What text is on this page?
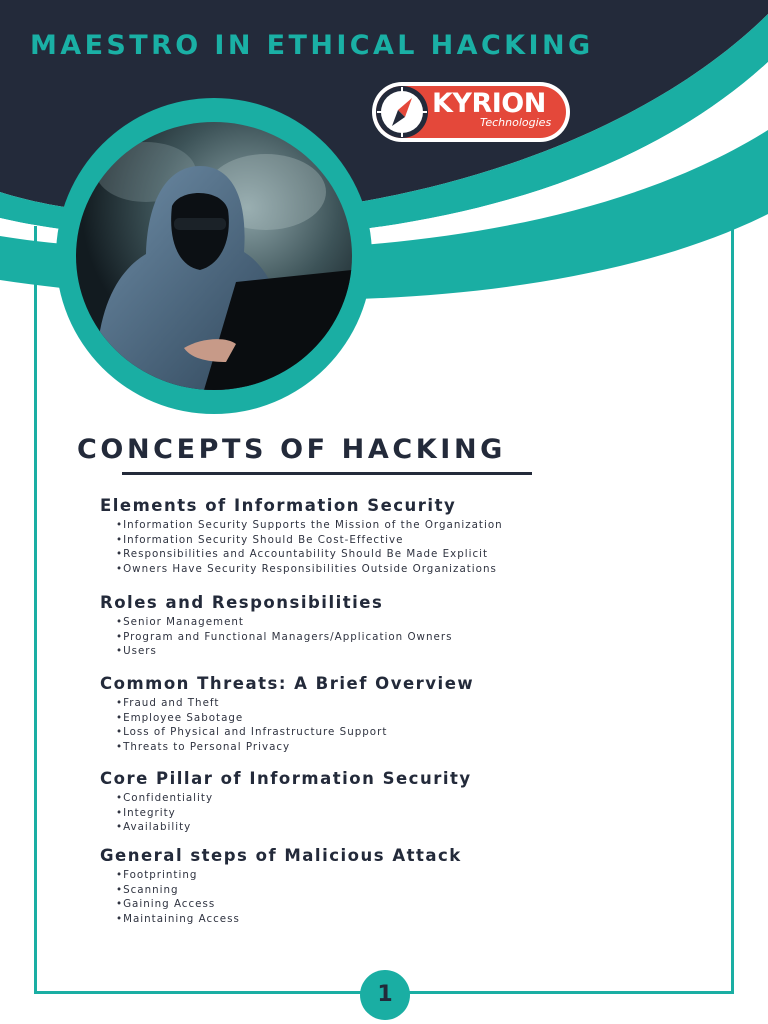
MAESTRO IN ETHICAL HACKING
KYRION
Technologies
CONCEPTS OF HACKING
Elements of Information Security
•Information Security Supports the Mission of the Organization
•Information Security Should Be Cost-Effective
•Responsibilities and Accountability Should Be Made Explicit
•Owners Have Security Responsibilities Outside Organizations
Roles and Responsibilities
•Senior Management
•Program and Functional Managers/Application Owners
•Users
Common Threats: A Brief Overview
•Fraud and Theft
•Employee Sabotage
•Loss of Physical and Infrastructure Support
•Threats to Personal Privacy
Core Pillar of Information Security
•Confidentiality
•Integrity
•Availability
General steps of Malicious Attack
•Footprinting
•Scanning
•Gaining Access
•Maintaining Access
1
